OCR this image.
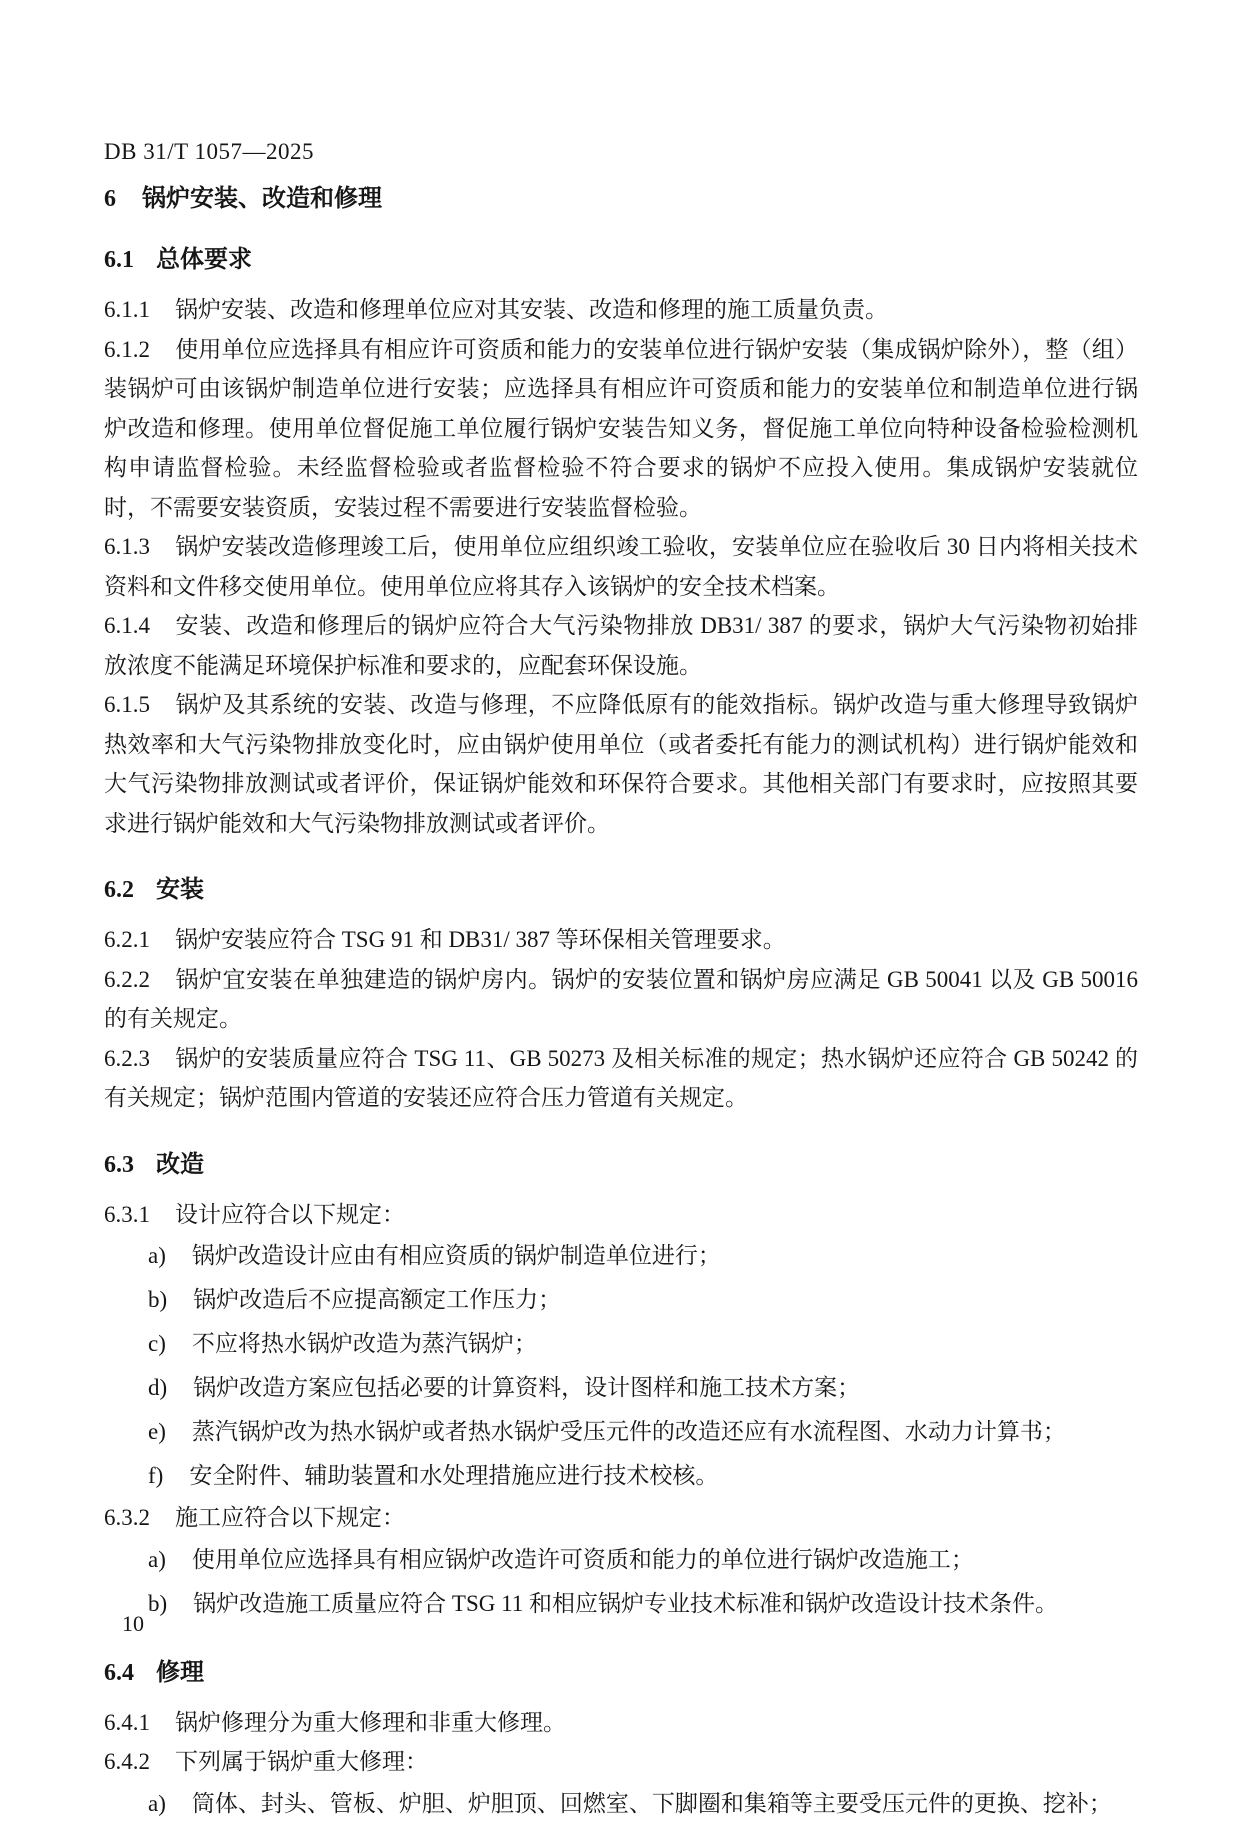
DB 31/T 1057—2025
6 锅炉安装、改造和修理
6.1 总体要求

6.1.1 锅炉安装、改造和修理单位应对其安装、改造和修理的施工质量负责。

6.1.2 使用单位应选择具有相应许可资质和能力的安装单位进行锅炉安装（集成锅炉除外），整（组）装锅炉可由该锅炉制造单位进行安装；应选择具有相应许可资质和能力的安装单位和制造单位进行锅炉改造和修理。使用单位督促施工单位履行锅炉安装告知义务，督促施工单位向特种设备检验检测机构申请监督检验。未经监督检验或者监督检验不符合要求的锅炉不应投入使用。集成锅炉安装就位时，不需要安装资质，安装过程不需要进行安装监督检验。

6.1.3 锅炉安装改造修理竣工后，使用单位应组织竣工验收，安装单位应在验收后 30 日内将相关技术资料和文件移交使用单位。使用单位应将其存入该锅炉的安全技术档案。

6.1.4 安装、改造和修理后的锅炉应符合大气污染物排放 DB31/ 387 的要求，锅炉大气污染物初始排放浓度不能满足环境保护标准和要求的，应配套环保设施。

6.1.5 锅炉及其系统的安装、改造与修理，不应降低原有的能效指标。锅炉改造与重大修理导致锅炉热效率和大气污染物排放变化时，应由锅炉使用单位（或者委托有能力的测试机构）进行锅炉能效和大气污染物排放测试或者评价，保证锅炉能效和环保符合要求。其他相关部门有要求时，应按照其要求进行锅炉能效和大气污染物排放测试或者评价。

6.2 安装

6.2.1 锅炉安装应符合 TSG 91 和 DB31/ 387 等环保相关管理要求。

6.2.2 锅炉宜安装在单独建造的锅炉房内。锅炉的安装位置和锅炉房应满足 GB 50041 以及 GB 50016 的有关规定。

6.2.3 锅炉的安装质量应符合 TSG 11、GB 50273 及相关标准的规定；热水锅炉还应符合 GB 50242 的有关规定；锅炉范围内管道的安装还应符合压力管道有关规定。

6.3 改造

6.3.1 设计应符合以下规定：

a) 锅炉改造设计应由有相应资质的锅炉制造单位进行；

b) 锅炉改造后不应提高额定工作压力；

c) 不应将热水锅炉改造为蒸汽锅炉；

d) 锅炉改造方案应包括必要的计算资料，设计图样和施工技术方案；

e) 蒸汽锅炉改为热水锅炉或者热水锅炉受压元件的改造还应有水流程图、水动力计算书；

f) 安全附件、辅助装置和水处理措施应进行技术校核。

6.3.2 施工应符合以下规定：

a) 使用单位应选择具有相应锅炉改造许可资质和能力的单位进行锅炉改造施工；

b) 锅炉改造施工质量应符合 TSG 11 和相应锅炉专业技术标准和锅炉改造设计技术条件。

6.4 修理

6.4.1 锅炉修理分为重大修理和非重大修理。

6.4.2 下列属于锅炉重大修理：

a) 筒体、封头、管板、炉胆、炉胆顶、回燃室、下脚圈和集箱等主要受压元件的更换、挖补；

10
